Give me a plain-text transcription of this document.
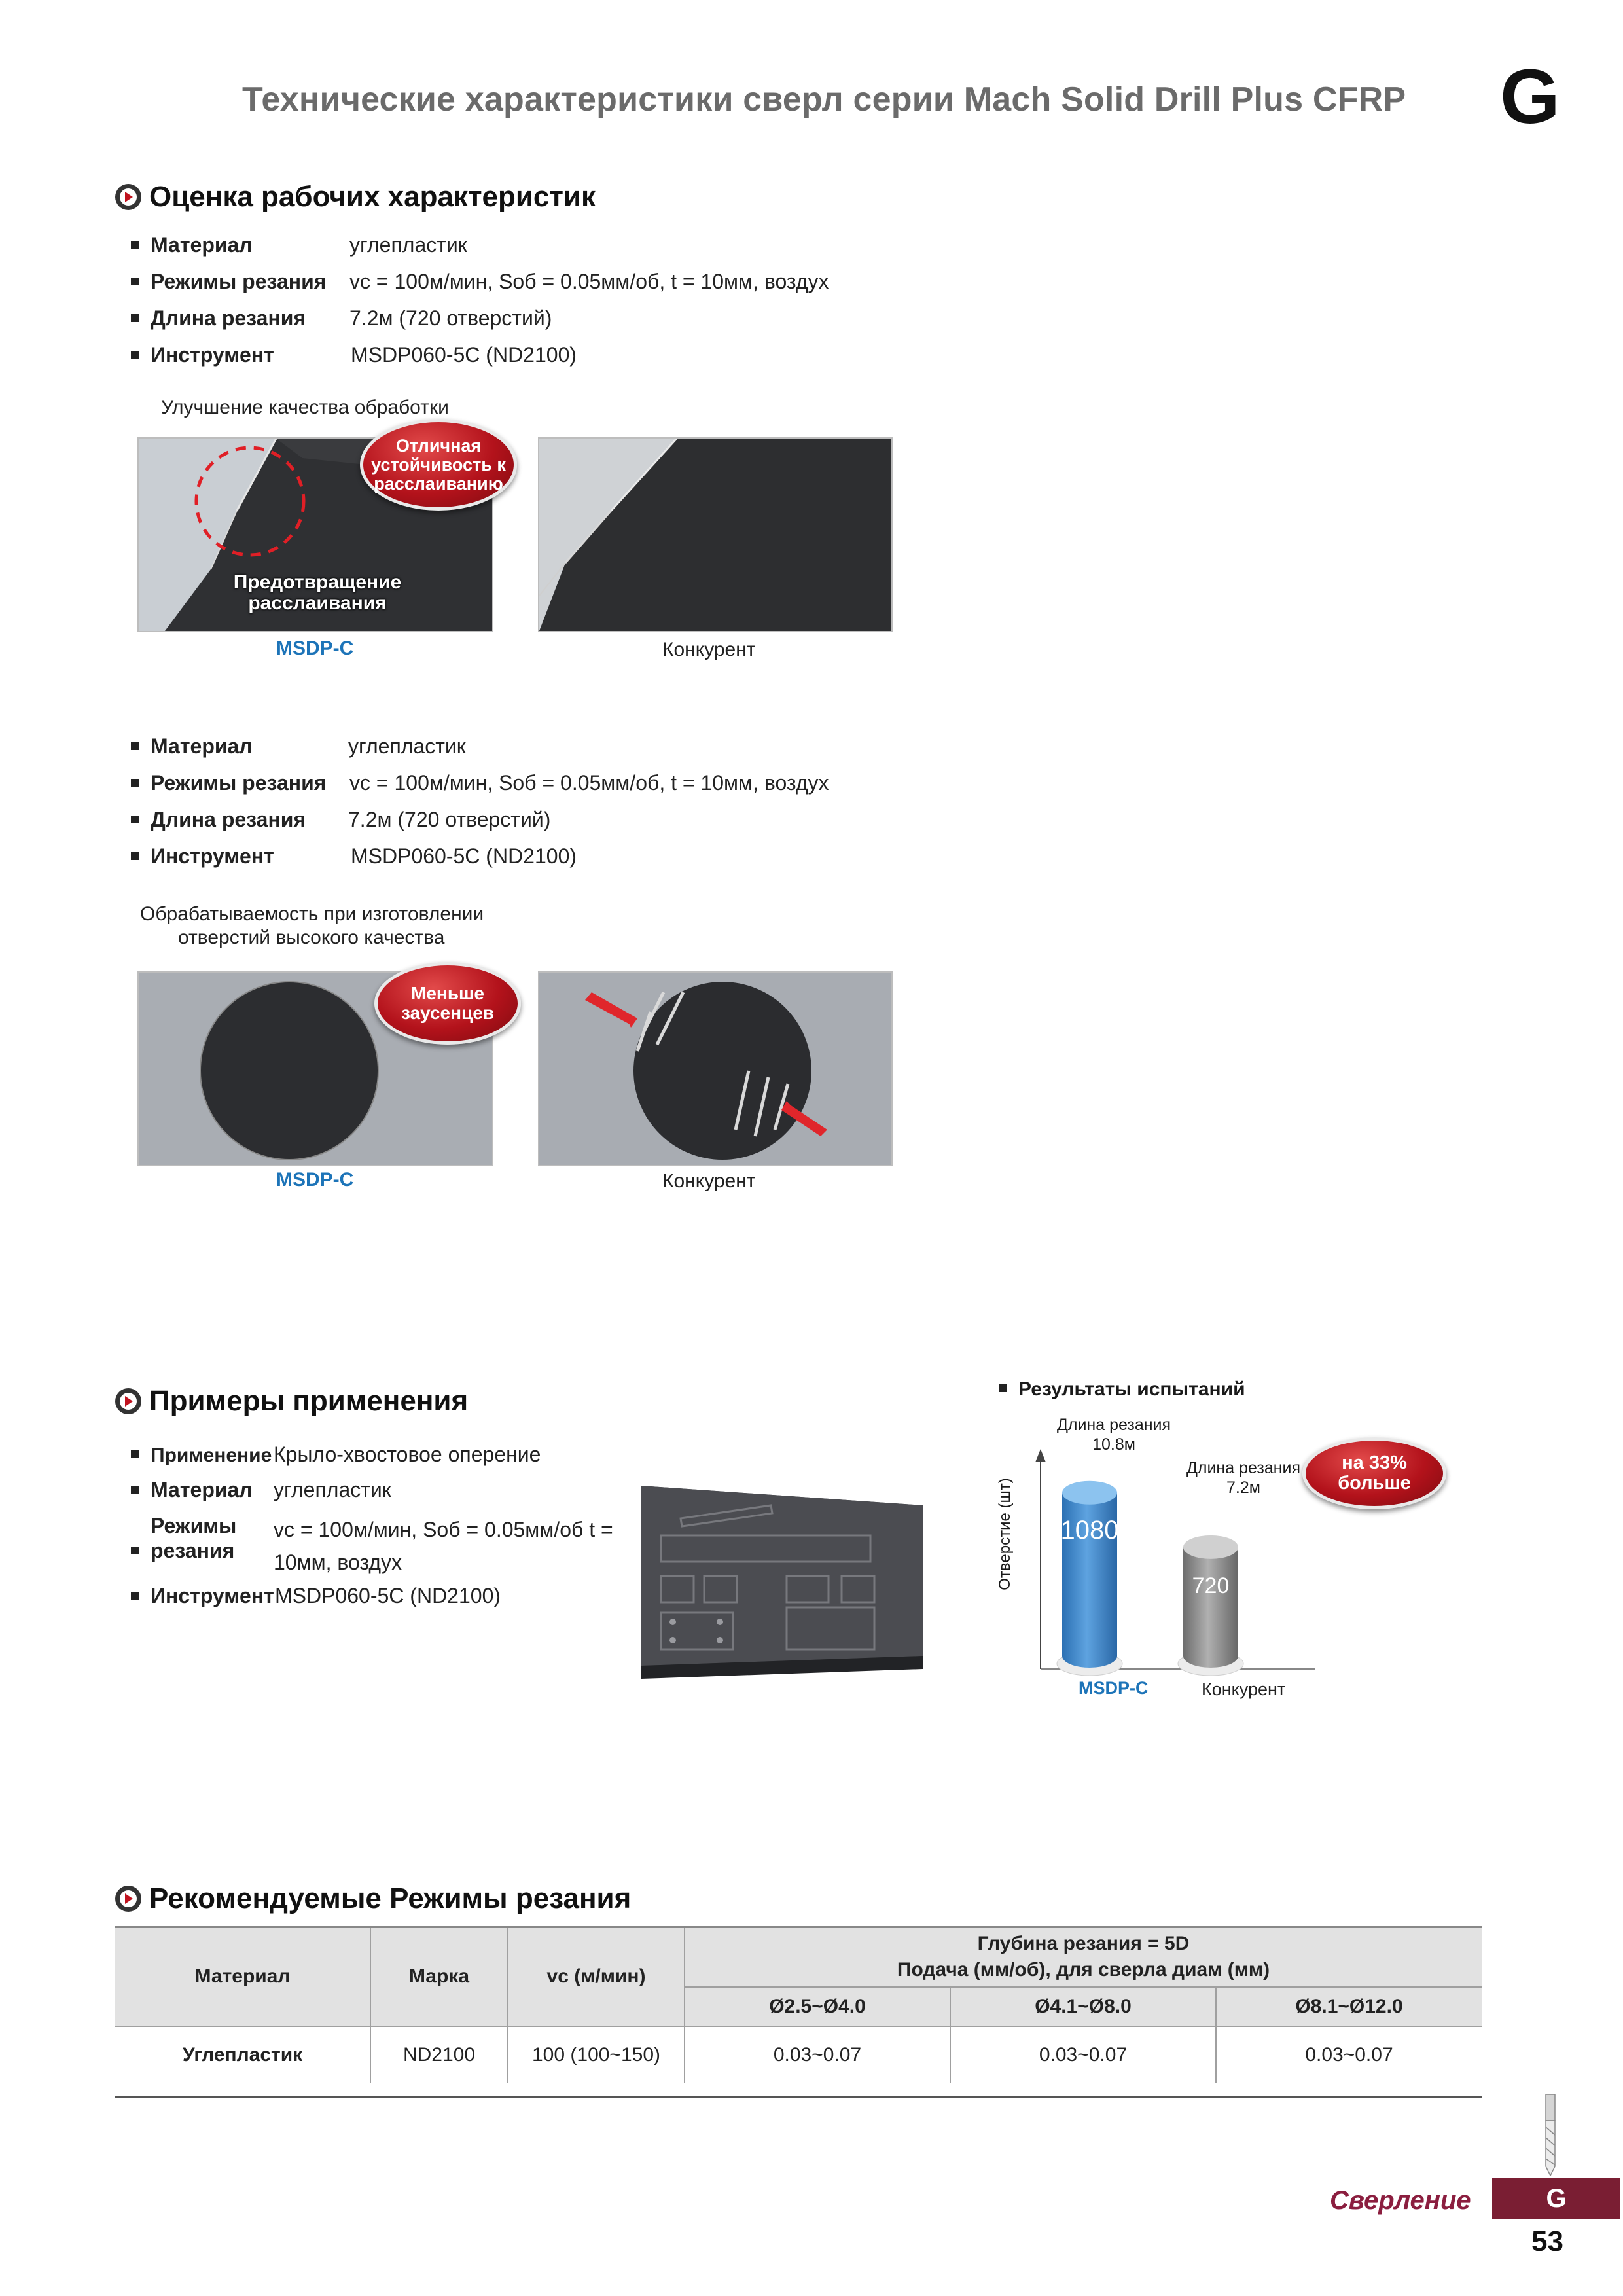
Технические характеристики сверл серии Mach Solid Drill Plus CFRP G
Оценка рабочих характеристик
Материал	углепластик
Режимы резания vc = 100м/мин, Sоб = 0.05мм/об, t = 10мм, воздух
Длина резания 7.2м (720 отверстий)
Инструмент	MSDP060-5C (ND2100)
Улучшение качества обработки
Отличная устойчивость к расслаиванию
Предотвращение расслаивания
MSDP-C	Конкурент
Материал	углепластик
Режимы резания vc = 100м/мин, Sоб = 0.05мм/об, t = 10мм, воздух
Длина резания 7.2м (720 отверстий)
Инструмент	MSDP060-5C (ND2100)
Обрабатываемость при изготовлении
отверстий высокого качества
Меньше заусенцев
MSDP-C	Конкурент
Примеры применения
Применение Крыло-хвостовое оперение
Материал углепластик
Режимы резания
vc = 100м/мин, Sоб = 0.05мм/об t = 10мм, воздух
Инструмент MSDP060-5C (ND2100)
Результаты испытаний
1080
720
Отверстие (шт)
Длина резания 10.8м
Длина резания 7.2м
MSDP-C	Конкурент
на 33% больше
Рекомендуемые Режимы резания
Материал	Марка	vc (м/мин)	Глубина резания = 5D
Подача (мм/об), для сверла диам (мм)		

			Ø2.5~Ø4.0	Ø4.1~Ø8.0	Ø8.1~Ø12.0
Углепластик	ND2100	100 (100~150)	0.03~0.07	0.03~0.07	0.03~0.07
Сверление	G
53
